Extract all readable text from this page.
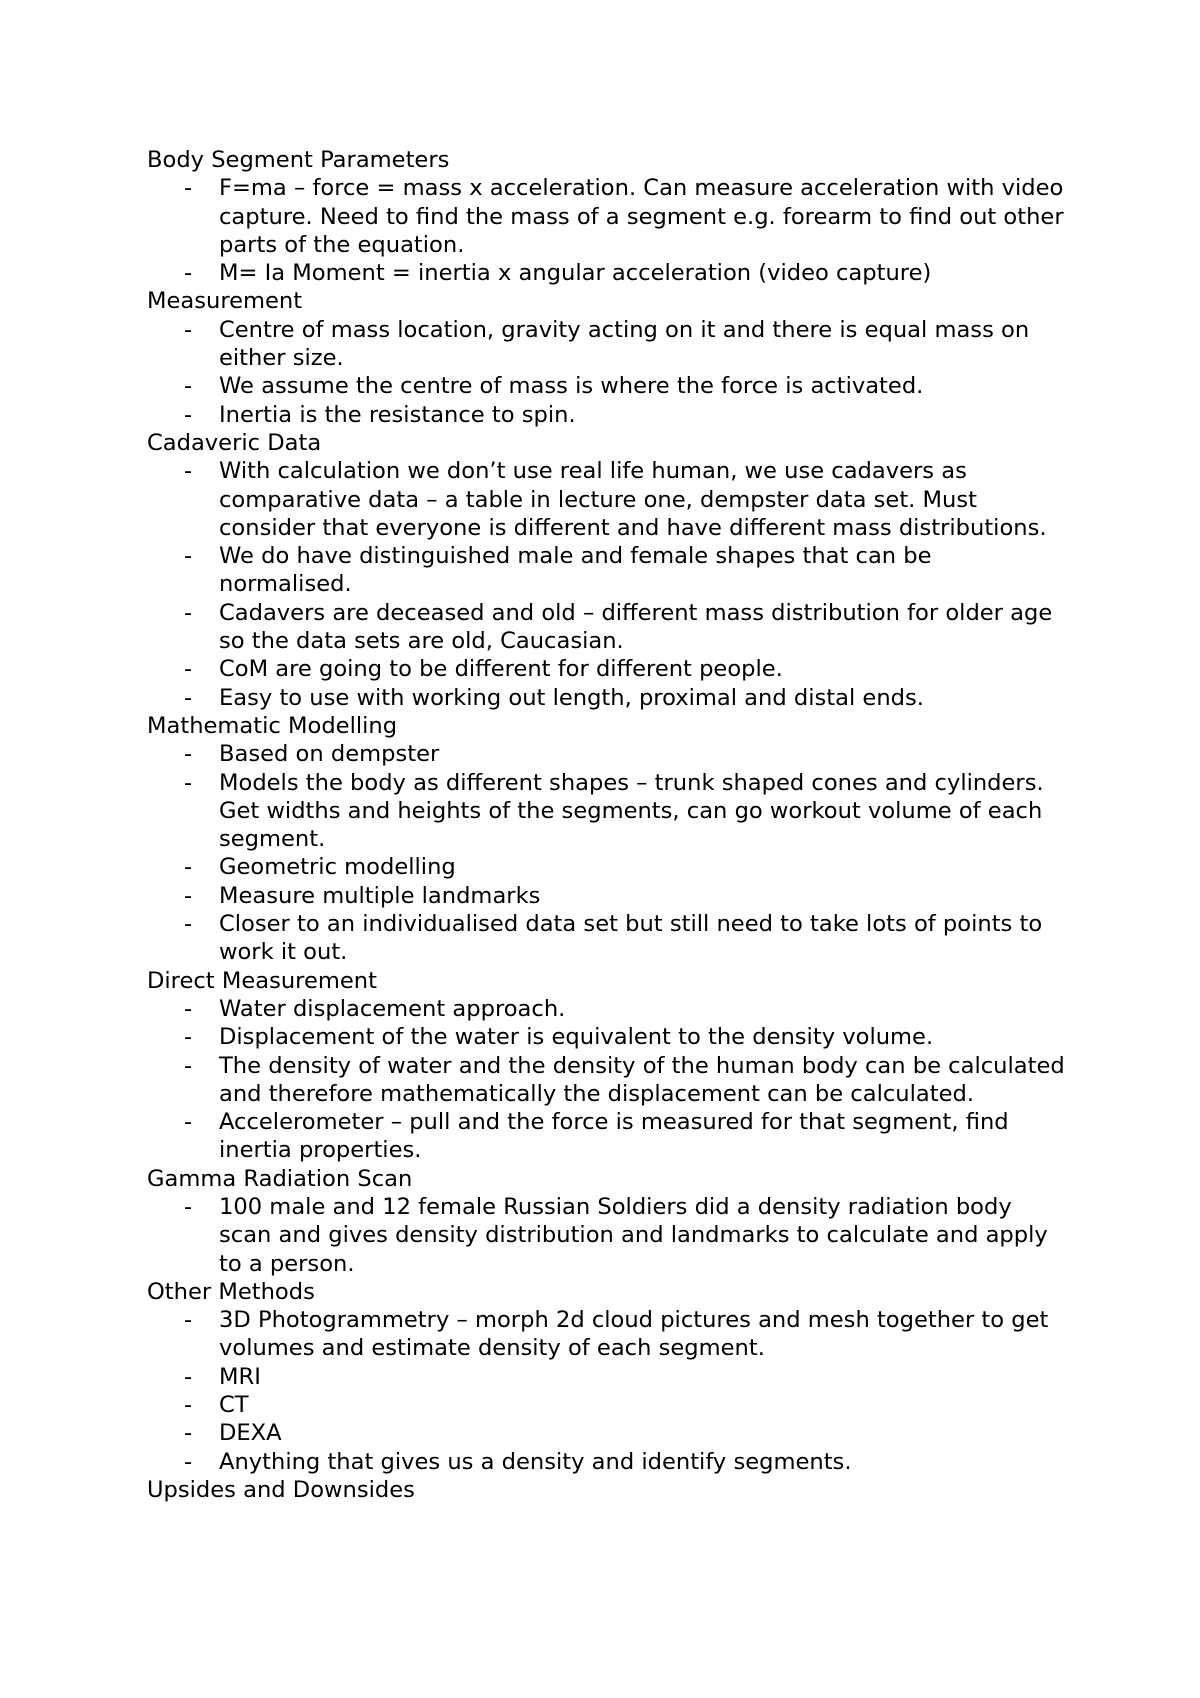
Body Segment Parameters

- F=ma – force = mass x acceleration. Can measure acceleration with video capture. Need to find the mass of a segment e.g. forearm to find out other parts of the equation.
- M= Ia Moment = inertia x angular acceleration (video capture)

Measurement

- Centre of mass location, gravity acting on it and there is equal mass on either size.
- We assume the centre of mass is where the force is activated.
- Inertia is the resistance to spin.

Cadaveric Data

- With calculation we don’t use real life human, we use cadavers as comparative data – a table in lecture one, dempster data set. Must consider that everyone is different and have different mass distributions.
- We do have distinguished male and female shapes that can be normalised.
- Cadavers are deceased and old – different mass distribution for older age so the data sets are old, Caucasian.
- CoM are going to be different for different people.
- Easy to use with working out length, proximal and distal ends.

Mathematic Modelling

- Based on dempster
- Models the body as different shapes – trunk shaped cones and cylinders. Get widths and heights of the segments, can go workout volume of each segment.
- Geometric modelling
- Measure multiple landmarks
- Closer to an individualised data set but still need to take lots of points to work it out.

Direct Measurement

- Water displacement approach.
- Displacement of the water is equivalent to the density volume.
- The density of water and the density of the human body can be calculated and therefore mathematically the displacement can be calculated.
- Accelerometer – pull and the force is measured for that segment, find inertia properties.

Gamma Radiation Scan

- 100 male and 12 female Russian Soldiers did a density radiation body scan and gives density distribution and landmarks to calculate and apply to a person.

Other Methods

- 3D Photogrammetry – morph 2d cloud pictures and mesh together to get volumes and estimate density of each segment.
- MRI
- CT
- DEXA
- Anything that gives us a density and identify segments.

Upsides and Downsides
